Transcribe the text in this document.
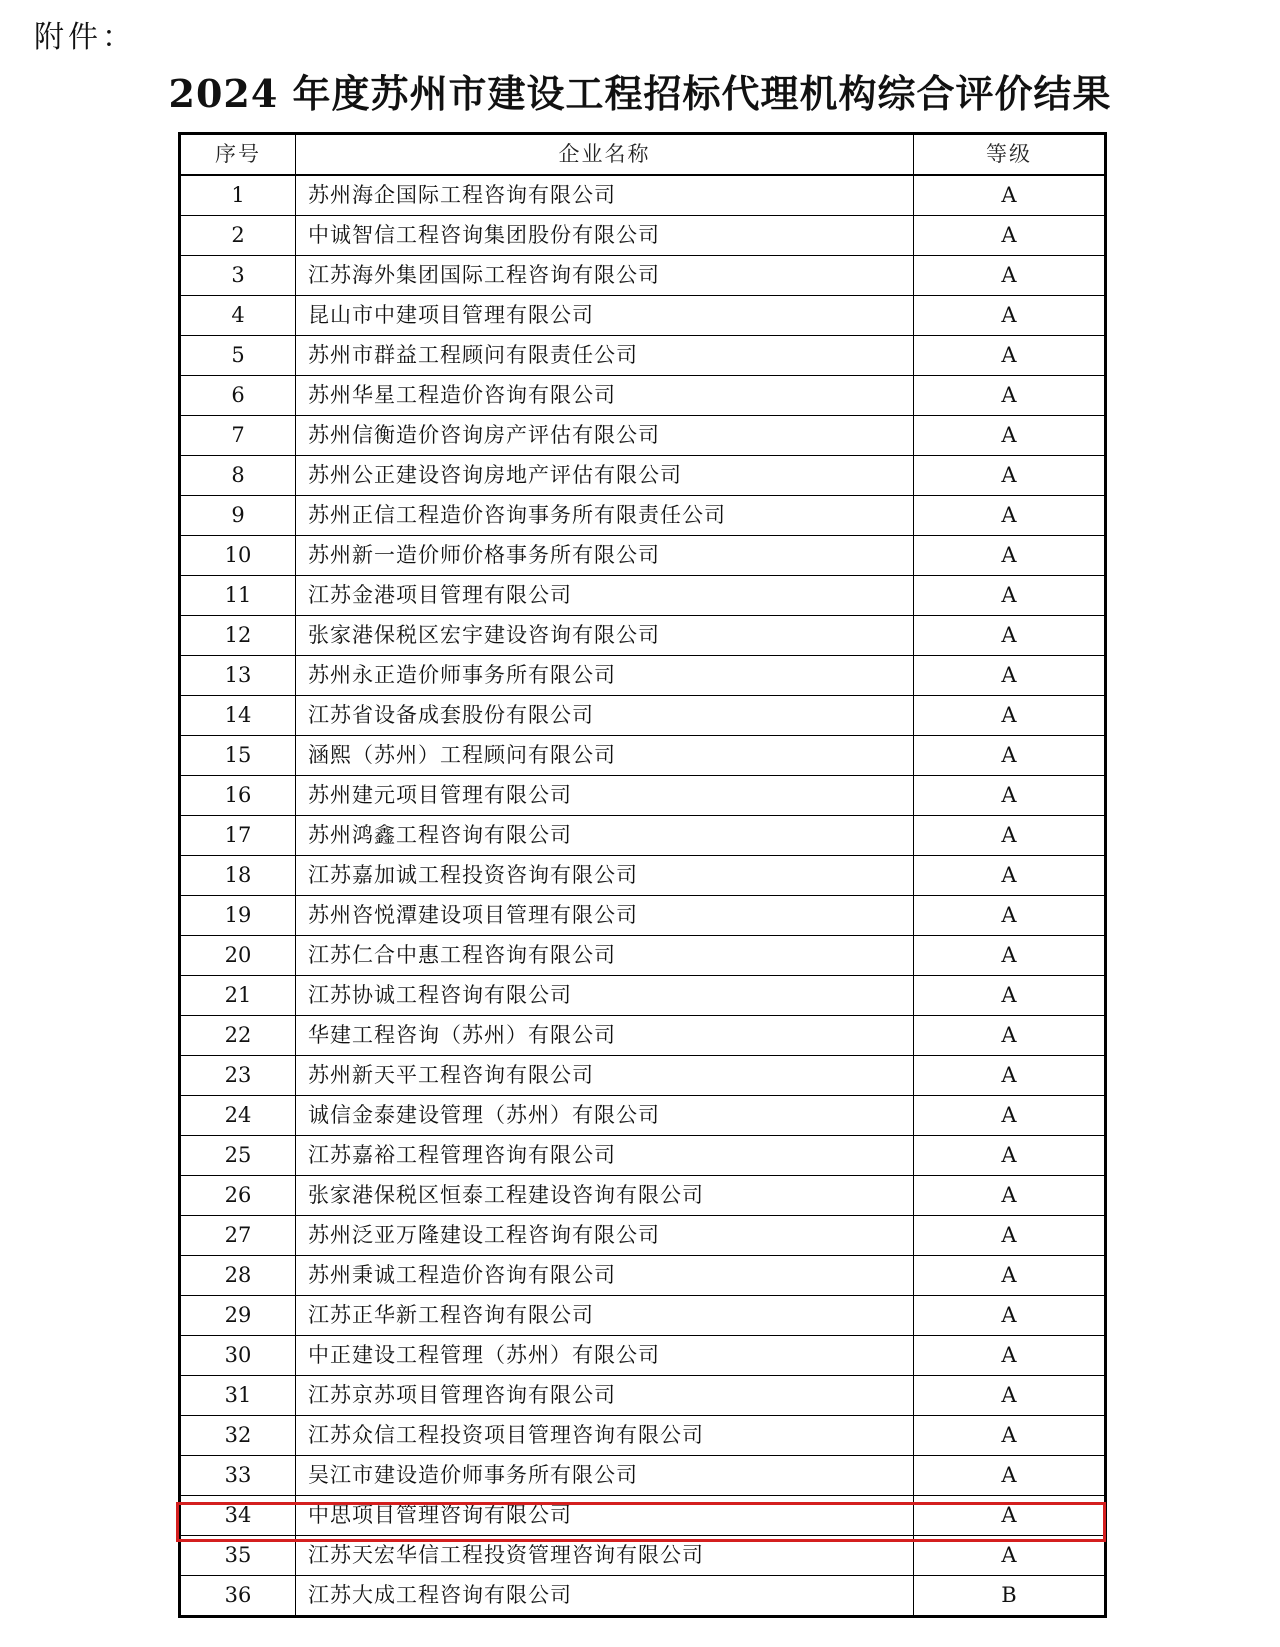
附件：
2024 年度苏州市建设工程招标代理机构综合评价结果
序号	企业名称	等级
1	苏州海企国际工程咨询有限公司	A
2	中诚智信工程咨询集团股份有限公司	A
3	江苏海外集团国际工程咨询有限公司	A
4	昆山市中建项目管理有限公司	A
5	苏州市群益工程顾问有限责任公司	A
6	苏州华星工程造价咨询有限公司	A
7	苏州信衡造价咨询房产评估有限公司	A
8	苏州公正建设咨询房地产评估有限公司	A
9	苏州正信工程造价咨询事务所有限责任公司	A
10	苏州新一造价师价格事务所有限公司	A
11	江苏金港项目管理有限公司	A
12	张家港保税区宏宇建设咨询有限公司	A
13	苏州永正造价师事务所有限公司	A
14	江苏省设备成套股份有限公司	A
15	涵熙（苏州）工程顾问有限公司	A
16	苏州建元项目管理有限公司	A
17	苏州鸿鑫工程咨询有限公司	A
18	江苏嘉加诚工程投资咨询有限公司	A
19	苏州咨悦潭建设项目管理有限公司	A
20	江苏仁合中惠工程咨询有限公司	A
21	江苏协诚工程咨询有限公司	A
22	华建工程咨询（苏州）有限公司	A
23	苏州新天平工程咨询有限公司	A
24	诚信金泰建设管理（苏州）有限公司	A
25	江苏嘉裕工程管理咨询有限公司	A
26	张家港保税区恒泰工程建设咨询有限公司	A
27	苏州泛亚万隆建设工程咨询有限公司	A
28	苏州秉诚工程造价咨询有限公司	A
29	江苏正华新工程咨询有限公司	A
30	中正建设工程管理（苏州）有限公司	A
31	江苏京苏项目管理咨询有限公司	A
32	江苏众信工程投资项目管理咨询有限公司	A
33	吴江市建设造价师事务所有限公司	A
34	中思项目管理咨询有限公司	A
35	江苏天宏华信工程投资管理咨询有限公司	A
36	江苏大成工程咨询有限公司	B
